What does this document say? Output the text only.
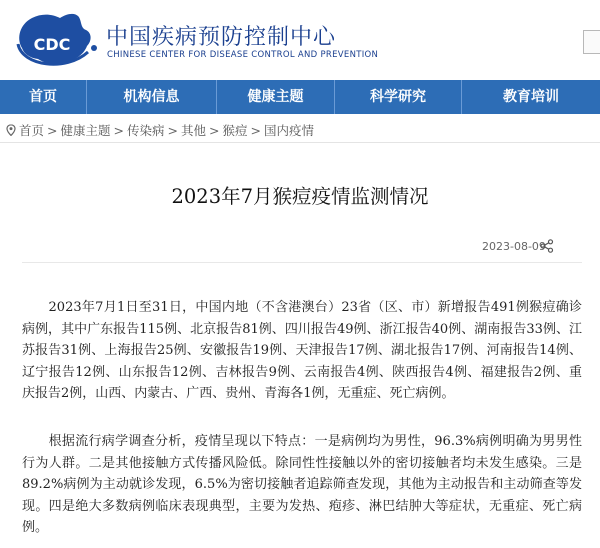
CDC 中国疾病预防控制中心
CHINESE CENTER FOR DISEASE CONTROL AND PREVENTION
首页	机构信息	健康主题	科学研究	教育培训
首页 > 健康主题 > 传染病 > 其他 > 猴痘 > 国内疫情
2023年7月猴痘疫情监测情况
2023-08-09

　　2023年7月1日至31日，中国内地（不含港澳台）23省（区、市）新增报告491例猴痘确诊病例，其中广东报告115例、北京报告81例、四川报告49例、浙江报告40例、湖南报告33例、江苏报告31例、上海报告25例、安徽报告19例、天津报告17例、湖北报告17例、河南报告14例、辽宁报告12例、山东报告12例、吉林报告9例、云南报告4例、陕西报告4例、福建报告2例、重庆报告2例，山西、内蒙古、广西、贵州、青海各1例，无重症、死亡病例。

　　根据流行病学调查分析，疫情呈现以下特点：一是病例均为男性，96.3%病例明确为男男性行为人群。二是其他接触方式传播风险低。除同性性接触以外的密切接触者均未发生感染。三是89.2%病例为主动就诊发现，6.5%为密切接触者追踪筛查发现，其他为主动报告和主动筛查等发现。四是绝大多数病例临床表现典型，主要为发热、疱疹、淋巴结肿大等症状，无重症、死亡病例。
